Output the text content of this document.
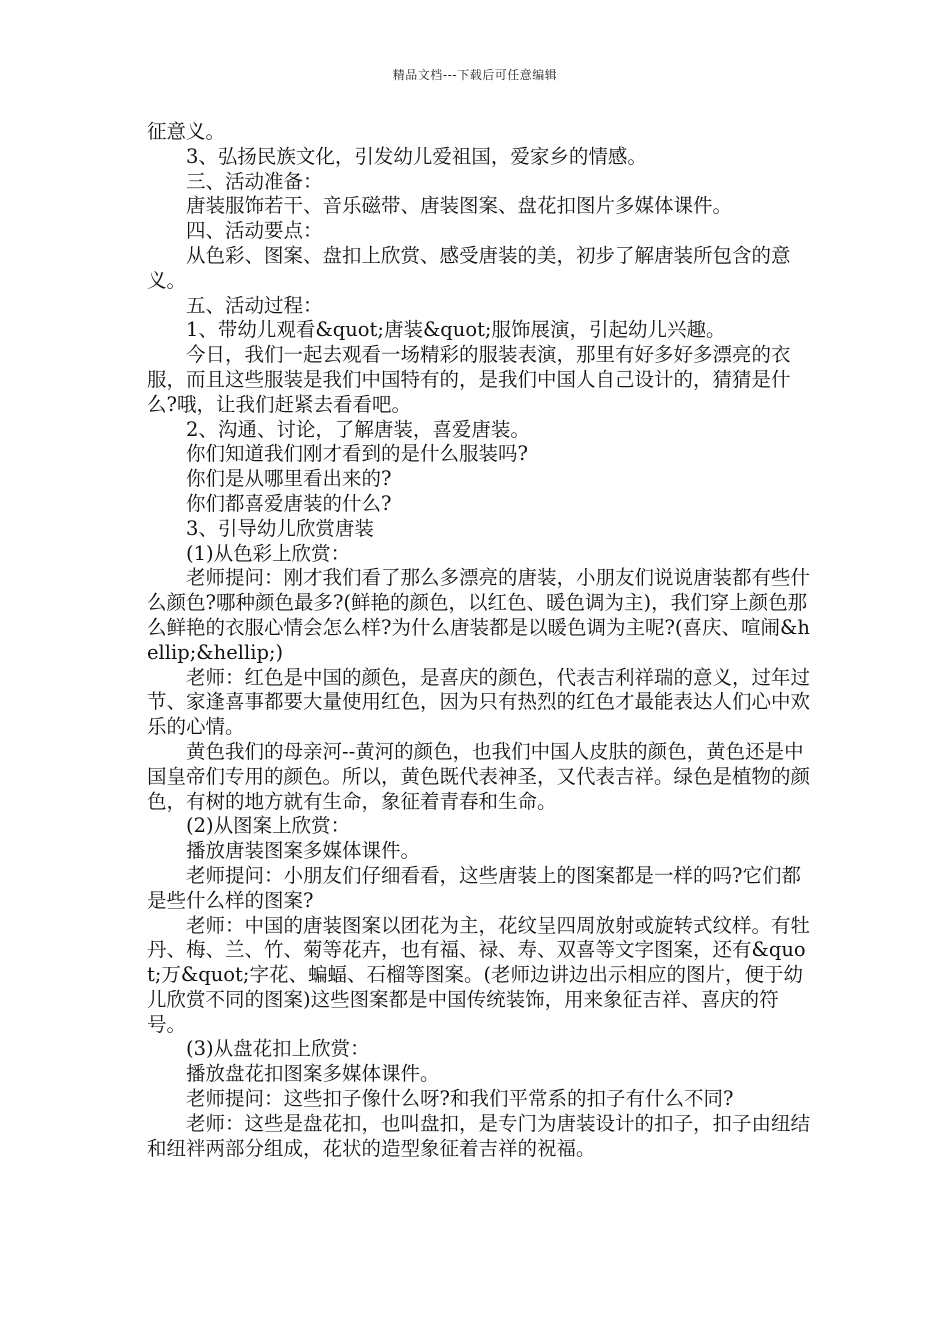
精品文档---下载后可任意编辑

征意义。

3、弘扬民族文化，引发幼儿爱祖国，爱家乡的情感。

三、活动准备：

唐装服饰若干、音乐磁带、唐装图案、盘花扣图片多媒体课件。

四、活动要点：

从色彩、图案、盘扣上欣赏、感受唐装的美，初步了解唐装所包含的意义。

五、活动过程：

1、带幼儿观看&quot;唐装&quot;服饰展演，引起幼儿兴趣。

今日，我们一起去观看一场精彩的服装表演，那里有好多好多漂亮的衣服，而且这些服装是我们中国特有的，是我们中国人自己设计的，猜猜是什么?哦，让我们赶紧去看看吧。

2、沟通、讨论，了解唐装，喜爱唐装。

你们知道我们刚才看到的是什么服装吗?

你们是从哪里看出来的?

你们都喜爱唐装的什么?

3、引导幼儿欣赏唐装

(1)从色彩上欣赏：

老师提问：刚才我们看了那么多漂亮的唐装，小朋友们说说唐装都有些什么颜色?哪种颜色最多?(鲜艳的颜色，以红色、暖色调为主)，我们穿上颜色那么鲜艳的衣服心情会怎么样?为什么唐装都是以暖色调为主呢?(喜庆、喧闹&hellip;&hellip;)

老师：红色是中国的颜色，是喜庆的颜色，代表吉利祥瑞的意义，过年过节、家逢喜事都要大量使用红色，因为只有热烈的红色才最能表达人们心中欢乐的心情。

黄色我们的母亲河--黄河的颜色，也我们中国人皮肤的颜色，黄色还是中国皇帝们专用的颜色。所以，黄色既代表神圣，又代表吉祥。绿色是植物的颜色，有树的地方就有生命，象征着青春和生命。

(2)从图案上欣赏：

播放唐装图案多媒体课件。

老师提问：小朋友们仔细看看，这些唐装上的图案都是一样的吗?它们都是些什么样的图案?

老师：中国的唐装图案以团花为主，花纹呈四周放射或旋转式纹样。有牡丹、梅、兰、竹、菊等花卉，也有福、禄、寿、双喜等文字图案，还有&quot;万&quot;字花、蝙蝠、石榴等图案。(老师边讲边出示相应的图片，便于幼儿欣赏不同的图案)这些图案都是中国传统装饰，用来象征吉祥、喜庆的符号。

(3)从盘花扣上欣赏：

播放盘花扣图案多媒体课件。

老师提问：这些扣子像什么呀?和我们平常系的扣子有什么不同?

老师：这些是盘花扣，也叫盘扣，是专门为唐装设计的扣子，扣子由纽结和纽袢两部分组成，花状的造型象征着吉祥的祝福。
